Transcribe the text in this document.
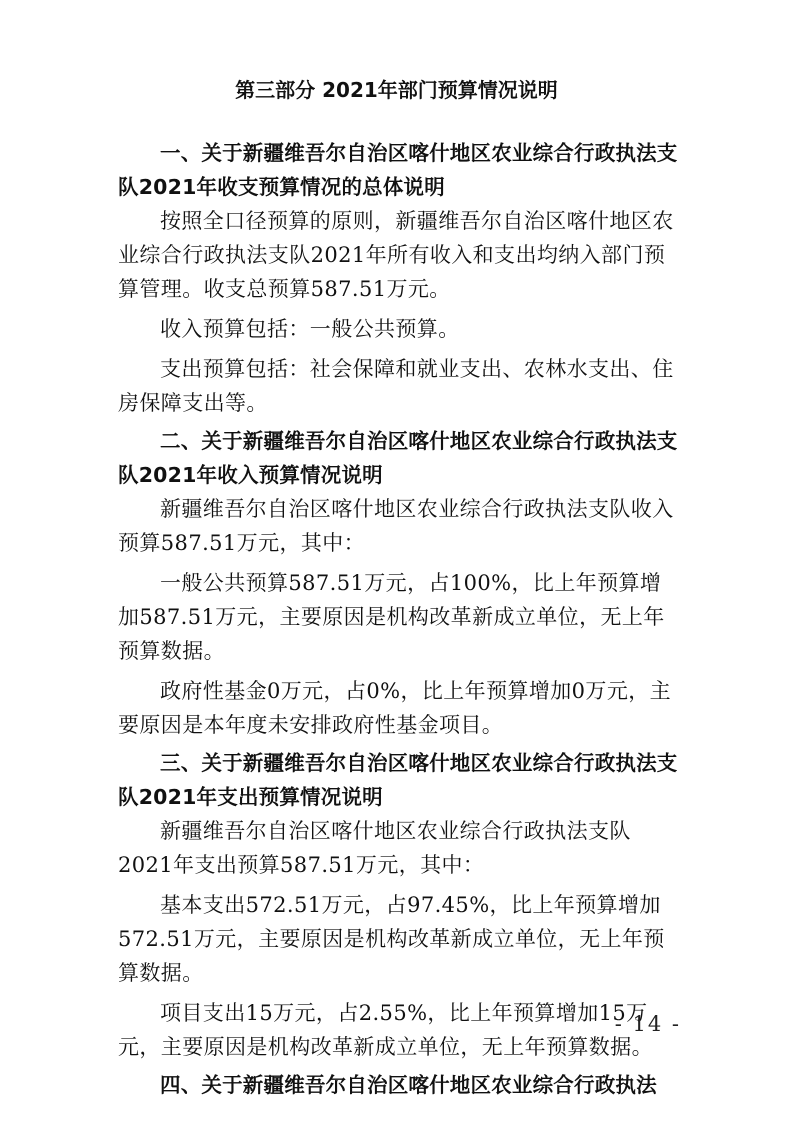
第三部分 2021年部门预算情况说明

一、关于新疆维吾尔自治区喀什地区农业综合行政执法支队2021年收支预算情况的总体说明

按照全口径预算的原则，新疆维吾尔自治区喀什地区农业综合行政执法支队2021年所有收入和支出均纳入部门预算管理。收支总预算587.51万元。

收入预算包括：一般公共预算。

支出预算包括：社会保障和就业支出、农林水支出、住房保障支出等。

二、关于新疆维吾尔自治区喀什地区农业综合行政执法支队2021年收入预算情况说明

新疆维吾尔自治区喀什地区农业综合行政执法支队收入预算587.51万元，其中：

一般公共预算587.51万元，占100%，比上年预算增加587.51万元，主要原因是机构改革新成立单位，无上年预算数据。

政府性基金0万元，占0%，比上年预算增加0万元，主要原因是本年度未安排政府性基金项目。

三、关于新疆维吾尔自治区喀什地区农业综合行政执法支队2021年支出预算情况说明

新疆维吾尔自治区喀什地区农业综合行政执法支队2021年支出预算587.51万元，其中：

基本支出572.51万元，占97.45%，比上年预算增加572.51万元，主要原因是机构改革新成立单位，无上年预算数据。

项目支出15万元，占2.55%，比上年预算增加15万元，主要原因是机构改革新成立单位，无上年预算数据。

四、关于新疆维吾尔自治区喀什地区农业综合行政执法

- 14 -
